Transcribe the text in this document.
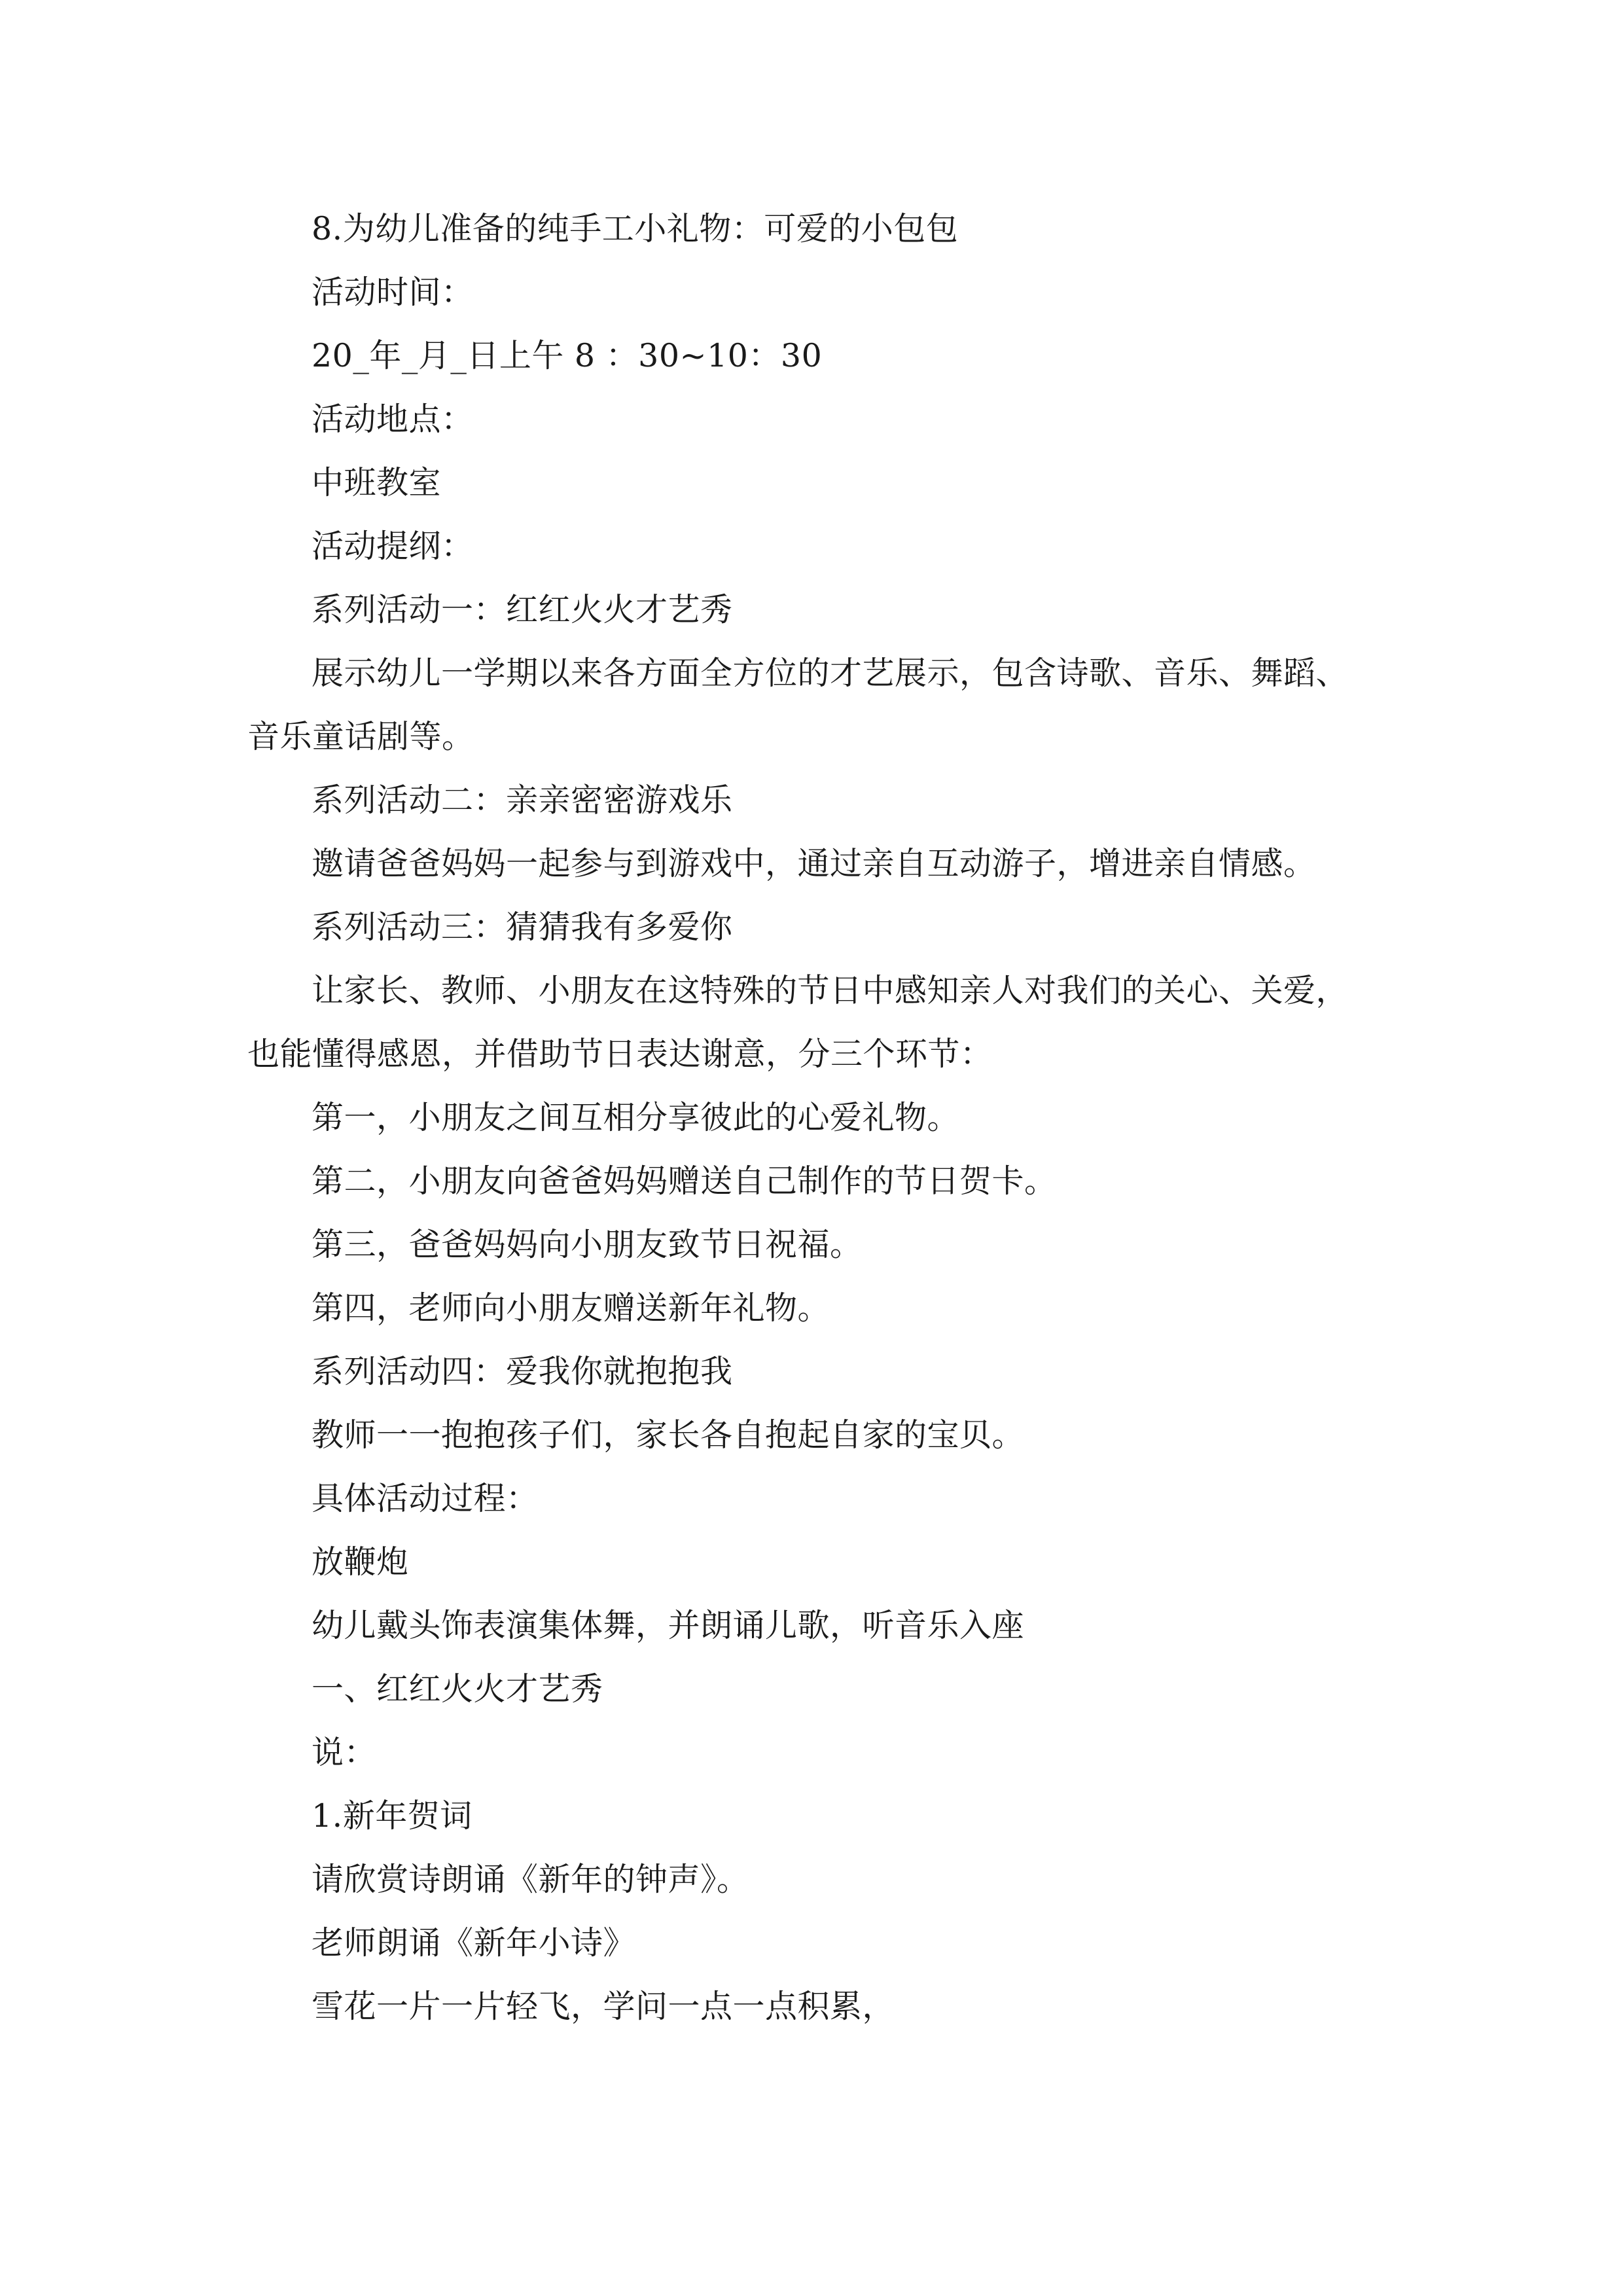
8.为幼儿准备的纯手工小礼物：可爱的小包包

活动时间：

20_年_月_日上午 8 ：30~10：30

活动地点：

中班教室

活动提纲：

系列活动一：红红火火才艺秀

展示幼儿一学期以来各方面全方位的才艺展示，包含诗歌、音乐、舞蹈、音乐童话剧等。

系列活动二：亲亲密密游戏乐

邀请爸爸妈妈一起参与到游戏中，通过亲自互动游子，增进亲自情感。

系列活动三：猜猜我有多爱你

让家长、教师、小朋友在这特殊的节日中感知亲人对我们的关心、关爱，也能懂得感恩，并借助节日表达谢意，分三个环节：

第一，小朋友之间互相分享彼此的心爱礼物。

第二，小朋友向爸爸妈妈赠送自己制作的节日贺卡。

第三，爸爸妈妈向小朋友致节日祝福。

第四，老师向小朋友赠送新年礼物。

系列活动四：爱我你就抱抱我

教师一一抱抱孩子们，家长各自抱起自家的宝贝。

具体活动过程：

放鞭炮

幼儿戴头饰表演集体舞，并朗诵儿歌，听音乐入座

一、红红火火才艺秀

说：

1.新年贺词

请欣赏诗朗诵《新年的钟声》。

老师朗诵《新年小诗》

雪花一片一片轻飞，学问一点一点积累，
